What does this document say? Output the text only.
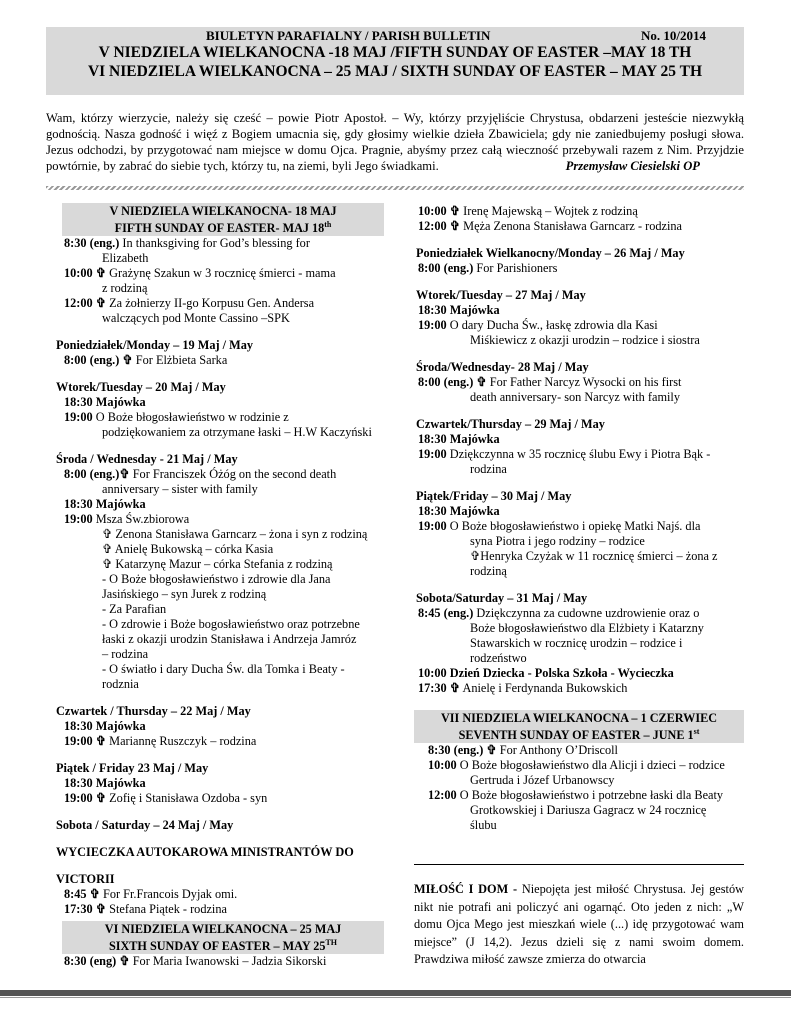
BIULETYN PARAFIALNY / PARISH BULLETIN	No. 10/2014
V NIEDZIELA WIELKANOCNA -18 MAJ /FIFTH SUNDAY OF EASTER –MAY 18 TH
VI NIEDZIELA WIELKANOCNA – 25 MAJ / SIXTH SUNDAY OF EASTER – MAY 25 TH
Wam, którzy wierzycie, należy się cześć – powie Piotr Apostoł. – Wy, którzy przyjęliście Chrystusa, obdarzeni jesteście niezwykłą godnością. Nasza godność i więź z Bogiem umacnia się, gdy głosimy wielkie dzieła Zbawiciela; gdy nie zaniedbujemy posługi słowa. Jezus odchodzi, by przygotować nam miejsce w domu Ojca. Pragnie, abyśmy przez całą wieczność przebywali razem z Nim. Przyjdzie powtórnie, by zabrać do siebie tych, którzy tu, na ziemi, byli Jego świadkami.	Przemysław Ciesielski OP
V NIEDZIELA WIELKANOCNA- 18 MAJ
FIFTH SUNDAY OF EASTER- MAJ 18th
8:30 (eng.) In thanksgiving for God’s blessing for
Elizabeth
10:00 ✞ Grażynę Szakun w 3 rocznicę śmierci - mama
z rodziną
12:00 ✞ Za żołnierzy II-go Korpusu Gen. Andersa
walczących pod Monte Cassino –SPK
Poniedziałek/Monday – 19 Maj / May
8:00 (eng.) ✞ For Elżbieta Sarka
Wtorek/Tuesday – 20 Maj / May
18:30 Majówka
19:00 O Boże błogosławieństwo w rodzinie z
podziękowaniem za otrzymane łaski – H.W Kaczyński
Środa / Wednesday - 21 Maj / May
8:00 (eng.)✞ For Franciszek Óżóg on the second death
anniversary – sister with family
18:30 Majówka
19:00 Msza Św.zbiorowa
✞ Zenona Stanisława Garncarz – żona i syn z rodziną
✞ Anielę Bukowską – córka Kasia
✞ Katarzynę Mazur – córka Stefania z rodziną
- O Boże błogosławieństwo i zdrowie dla Jana
Jasińskiego – syn Jurek z rodziną
- Za Parafian
- O zdrowie i Boże bogosławieństwo oraz potrzebne
łaski z okazji urodzin Stanisława i Andrzeja Jamróz
– rodzina
- O światło i dary Ducha Św. dla Tomka i Beaty -
rodznia
Czwartek / Thursday – 22 Maj / May
18:30 Majówka
19:00 ✞ Mariannę Ruszczyk – rodzina
Piątek / Friday 23 Maj / May
18:30 Majówka
19:00 ✞ Zofię i Stanisława Ozdoba - syn
Sobota / Saturday – 24 Maj / May
WYCIECZKA AUTOKAROWA MINISTRANTÓW DO
VICTORII
8:45 ✞ For Fr.Francois Dyjak omi.
17:30 ✞ Stefana Piątek - rodzina
VI NIEDZIELA WIELKANOCNA – 25 MAJ
SIXTH SUNDAY OF EASTER – MAY 25TH
8:30 (eng) ✞ For Maria Iwanowski – Jadzia Sikorski
10:00 ✞ Irenę Majewską – Wojtek z rodziną
12:00 ✞ Męża Zenona Stanisława Garncarz - rodzina
Poniedziałek Wielkanocny/Monday – 26 Maj / May
8:00 (eng.) For Parishioners
Wtorek/Tuesday – 27 Maj / May
18:30 Majówka
19:00 O dary Ducha Św., łaskę zdrowia dla Kasi
Miśkiewicz z okazji urodzin – rodzice i siostra
Środa/Wednesday- 28 Maj / May
8:00 (eng.) ✞ For Father Narcyz Wysocki on his first
death anniversary- son Narcyz with family
Czwartek/Thursday – 29 Maj / May
18:30 Majówka
19:00 Dziękczynna w 35 rocznicę ślubu Ewy i Piotra Bąk -
rodzina
Piątek/Friday – 30 Maj / May
18:30 Majówka
19:00 O Boże błogosławieństwo i opiekę Matki Najś. dla
syna Piotra i jego rodziny – rodzice
✞Henryka Czyżak w 11 rocznicę śmierci – żona z
rodziną
Sobota/Saturday – 31 Maj / May
8:45 (eng.) Dziękczynna za cudowne uzdrowienie oraz o
Boże błogosławieństwo dla Elżbiety i Katarzny
Stawarskich w rocznicę urodzin – rodzice i
rodzeństwo
10:00 Dzień Dziecka - Polska Szkoła - Wycieczka
17:30 ✞ Anielę i Ferdynanda Bukowskich
VII NIEDZIELA WIELKANOCNA – 1 CZERWIEC
SEVENTH SUNDAY OF EASTER – JUNE 1st
8:30 (eng.) ✞ For Anthony O’Driscoll
10:00 O Boże błogosławieństwo dla Alicji i dzieci – rodzice
Gertruda i Józef Urbanowscy
12:00 O Boże błogosławieństwo i potrzebne łaski dla Beaty
Grotkowskiej i Dariusza Gagracz w 24 rocznicę
ślubu
MIŁOŚĆ I DOM - Niepojęta jest miłość Chrystusa. Jej gestów nikt nie potrafi ani policzyć ani ogarnąć. Oto jeden z nich: „W domu Ojca Mego jest mieszkań wiele (...) idę przygotować wam miejsce” (J 14,2). Jezus dzieli się z nami swoim domem. Prawdziwa miłość zawsze zmierza do otwarcia
